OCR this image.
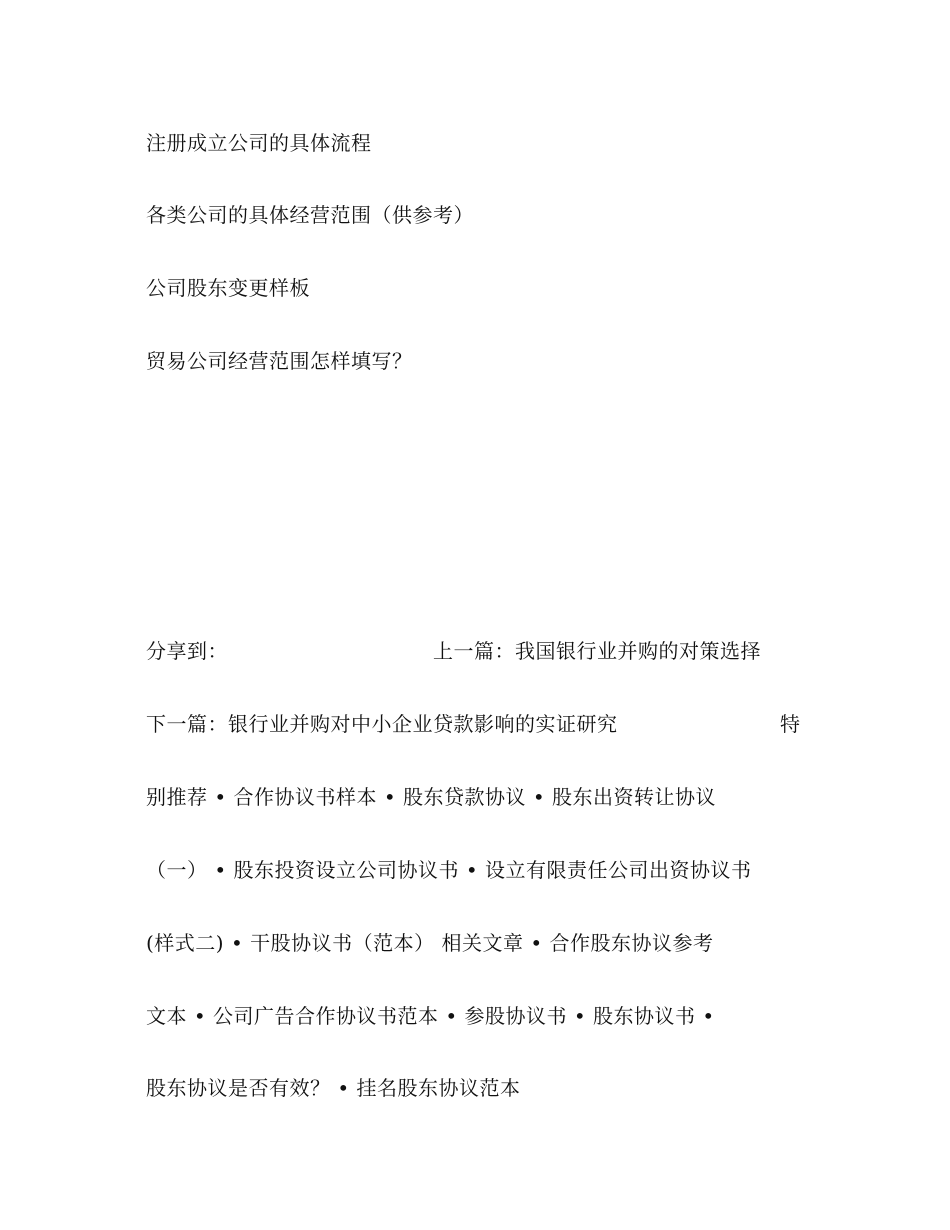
注册成立公司的具体流程
各类公司的具体经营范围（供参考）
公司股东变更样板
贸易公司经营范围怎样填写？
分享到：	上一篇：我国银行业并购的对策选择
下一篇：银行业并购对中小企业贷款影响的实证研究	特
别推荐 • 合作协议书样本 • 股东贷款协议 • 股东出资转让协议
（一） • 股东投资设立公司协议书 • 设立有限责任公司出资协议书
(样式二) • 干股协议书（范本） 相关文章 • 合作股东协议参考
文本 • 公司广告合作协议书范本 • 参股协议书 • 股东协议书 •
股东协议是否有效？ • 挂名股东协议范本
